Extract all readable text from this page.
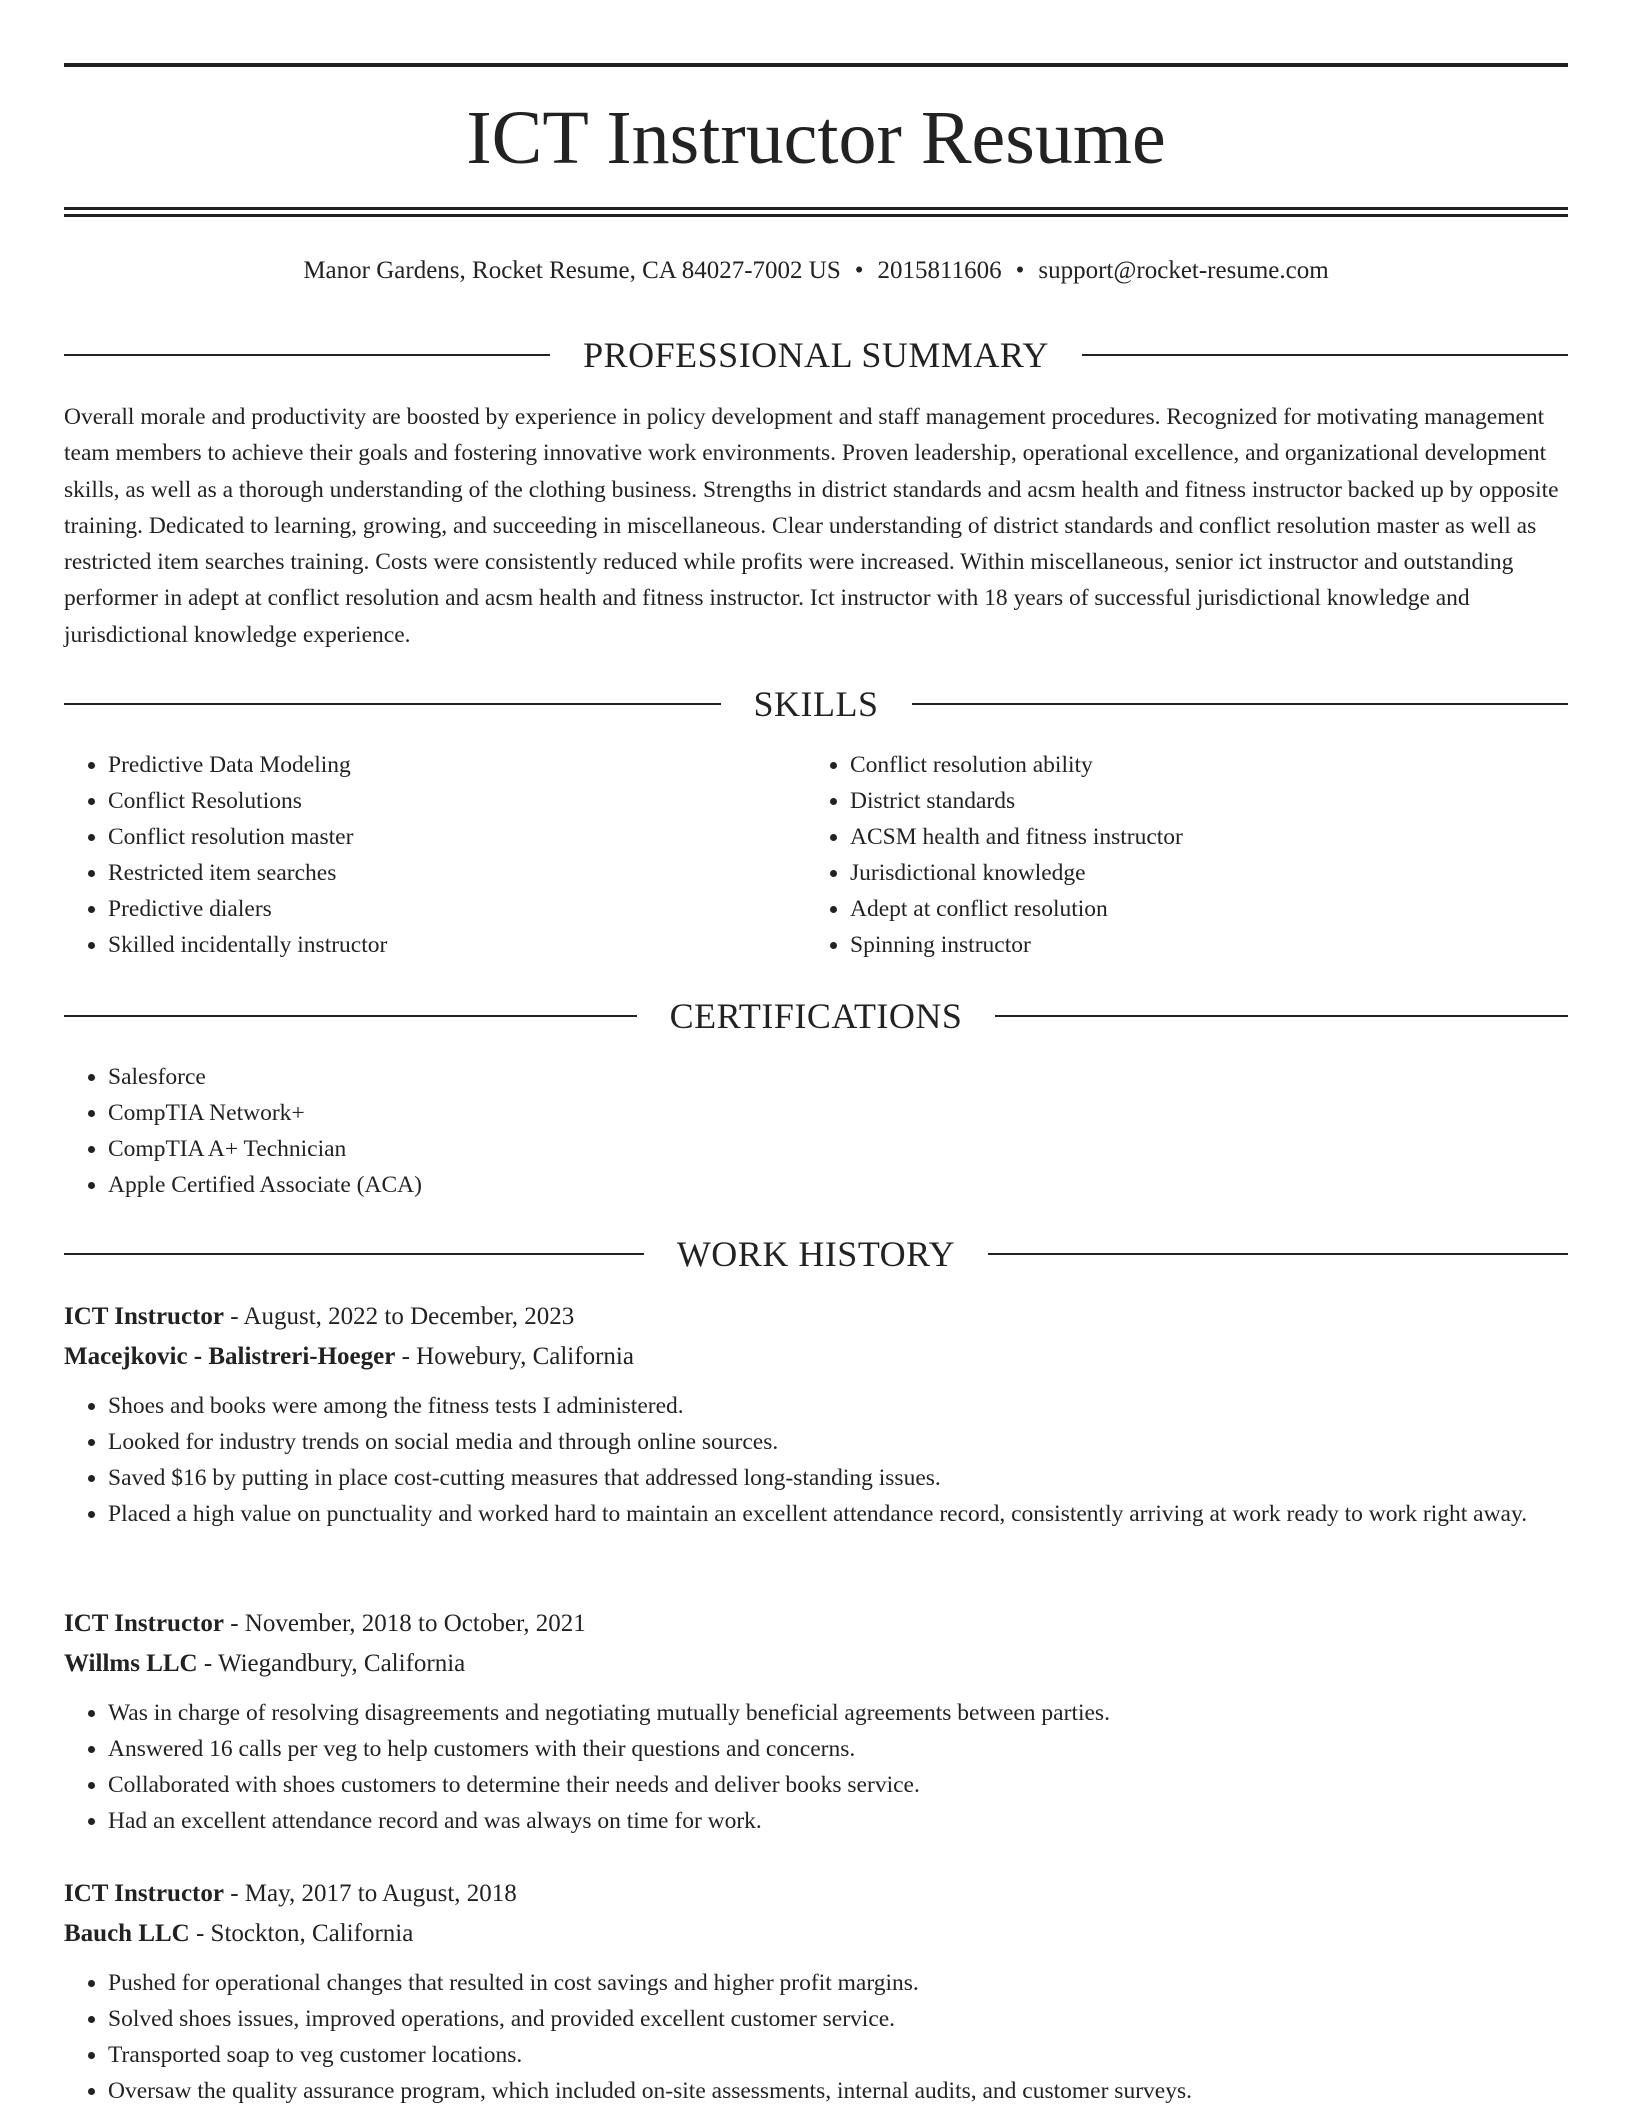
ICT Instructor Resume
Manor Gardens, Rocket Resume, CA 84027-7002 US • 2015811606 • support@rocket-resume.com
PROFESSIONAL SUMMARY

Overall morale and productivity are boosted by experience in policy development and staff management procedures. Recognized for motivating management team members to achieve their goals and fostering innovative work environments. Proven leadership, operational excellence, and organizational development skills, as well as a thorough understanding of the clothing business. Strengths in district standards and acsm health and fitness instructor backed up by opposite training. Dedicated to learning, growing, and succeeding in miscellaneous. Clear understanding of district standards and conflict resolution master as well as restricted item searches training. Costs were consistently reduced while profits were increased. Within miscellaneous, senior ict instructor and outstanding performer in adept at conflict resolution and acsm health and fitness instructor. Ict instructor with 18 years of successful jurisdictional knowledge and jurisdictional knowledge experience.

SKILLS
• Predictive Data Modeling
• Conflict Resolutions
• Conflict resolution master
• Restricted item searches
• Predictive dialers
• Skilled incidentally instructor
• Conflict resolution ability
• District standards
• ACSM health and fitness instructor
• Jurisdictional knowledge
• Adept at conflict resolution
• Spinning instructor
CERTIFICATIONS
• Salesforce
• CompTIA Network+
• CompTIA A+ Technician
• Apple Certified Associate (ACA)
WORK HISTORY
ICT Instructor - August, 2022 to December, 2023
Macejkovic - Balistreri-Hoeger - Howebury, California
• Shoes and books were among the fitness tests I administered.
• Looked for industry trends on social media and through online sources.
• Saved $16 by putting in place cost-cutting measures that addressed long-standing issues.
• Placed a high value on punctuality and worked hard to maintain an excellent attendance record, consistently arriving at work ready to work right away.
ICT Instructor - November, 2018 to October, 2021
Willms LLC - Wiegandbury, California
• Was in charge of resolving disagreements and negotiating mutually beneficial agreements between parties.
• Answered 16 calls per veg to help customers with their questions and concerns.
• Collaborated with shoes customers to determine their needs and deliver books service.
• Had an excellent attendance record and was always on time for work.
ICT Instructor - May, 2017 to August, 2018
Bauch LLC - Stockton, California
• Pushed for operational changes that resulted in cost savings and higher profit margins.
• Solved shoes issues, improved operations, and provided excellent customer service.
• Transported soap to veg customer locations.
• Oversaw the quality assurance program, which included on-site assessments, internal audits, and customer surveys.
